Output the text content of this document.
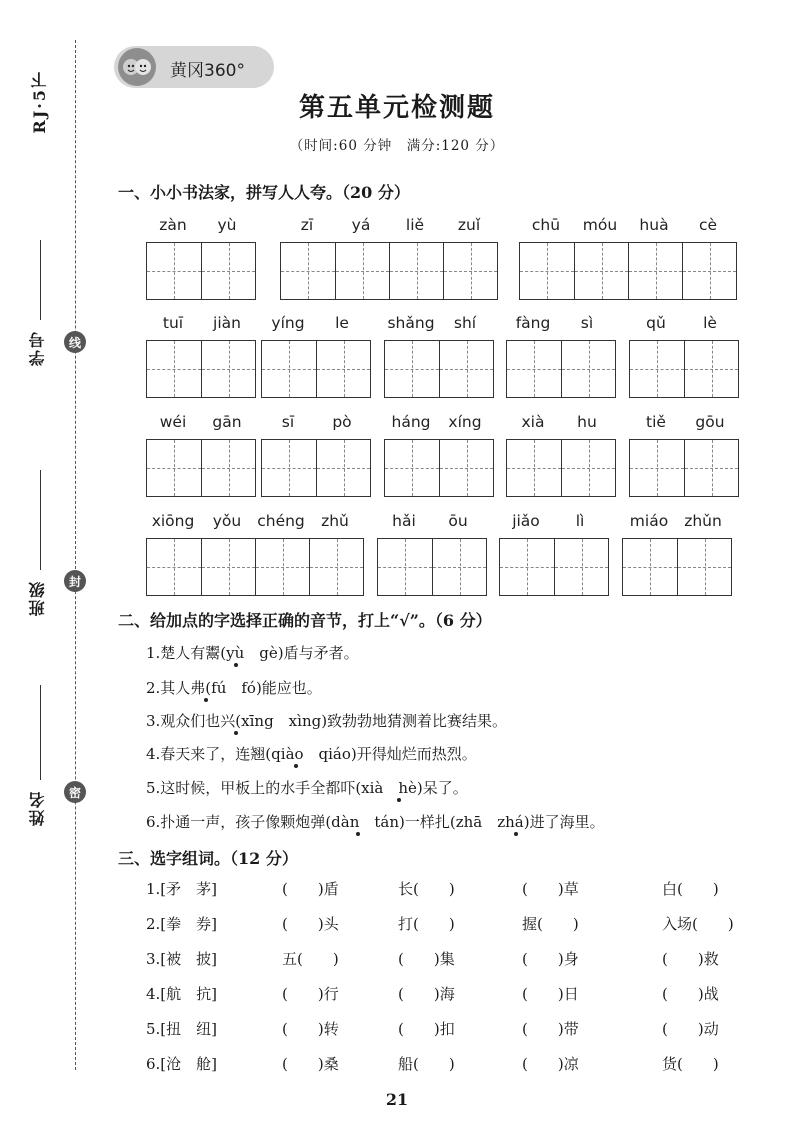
RJ·5下
学号
班级
姓名
线
封
密
黄冈360°
第五单元检测题
（时间:60 分钟　满分:120 分）
一、小小书法家，拼写人人夸。（20 分）
zàn	yù	zī	yá	liě	zuǐ	chū	móu	huà	cè
tuī	jiàn	yíng	le	shǎng	shí	fàng	sì	qǔ	lè
wéi	gān	sī	pò	háng	xíng	xià	hu	tiě	gōu
xiōng	yǒu	chéng	zhǔ	hǎi	ōu	jiǎo	lì	miáo	zhǔn
二、给加点的字选择正确的音节，打上“√”。（6 分）
1.楚人有鬻(yù　gè)盾与矛者。
2.其人弗(fú　fó)能应也。
3.观众们也兴(xīng　xìng)致勃勃地猜测着比赛结果。
4.春天来了，连翘(qiào　qiáo)开得灿烂而热烈。
5.这时候，甲板上的水手全都吓(xià　hè)呆了。
6.扑通一声，孩子像颗炮弹(dàn　tán)一样扎(zhā　zhá)进了海里。
三、选字组词。（12 分）
1.[矛　茅]	(　　)盾	长(　　)	(　　)草	白(　　)
2.[拳　券]	(　　)头	打(　　)	握(　　)	入场(　　)
3.[被　披]	五(　　)	(　　)集	(　　)身	(　　)救
4.[航　抗]	(　　)行	(　　)海	(　　)日	(　　)战
5.[扭　纽]	(　　)转	(　　)扣	(　　)带	(　　)动
6.[沧　舱]	(　　)桑	船(　　)	(　　)凉	货(　　)
21
